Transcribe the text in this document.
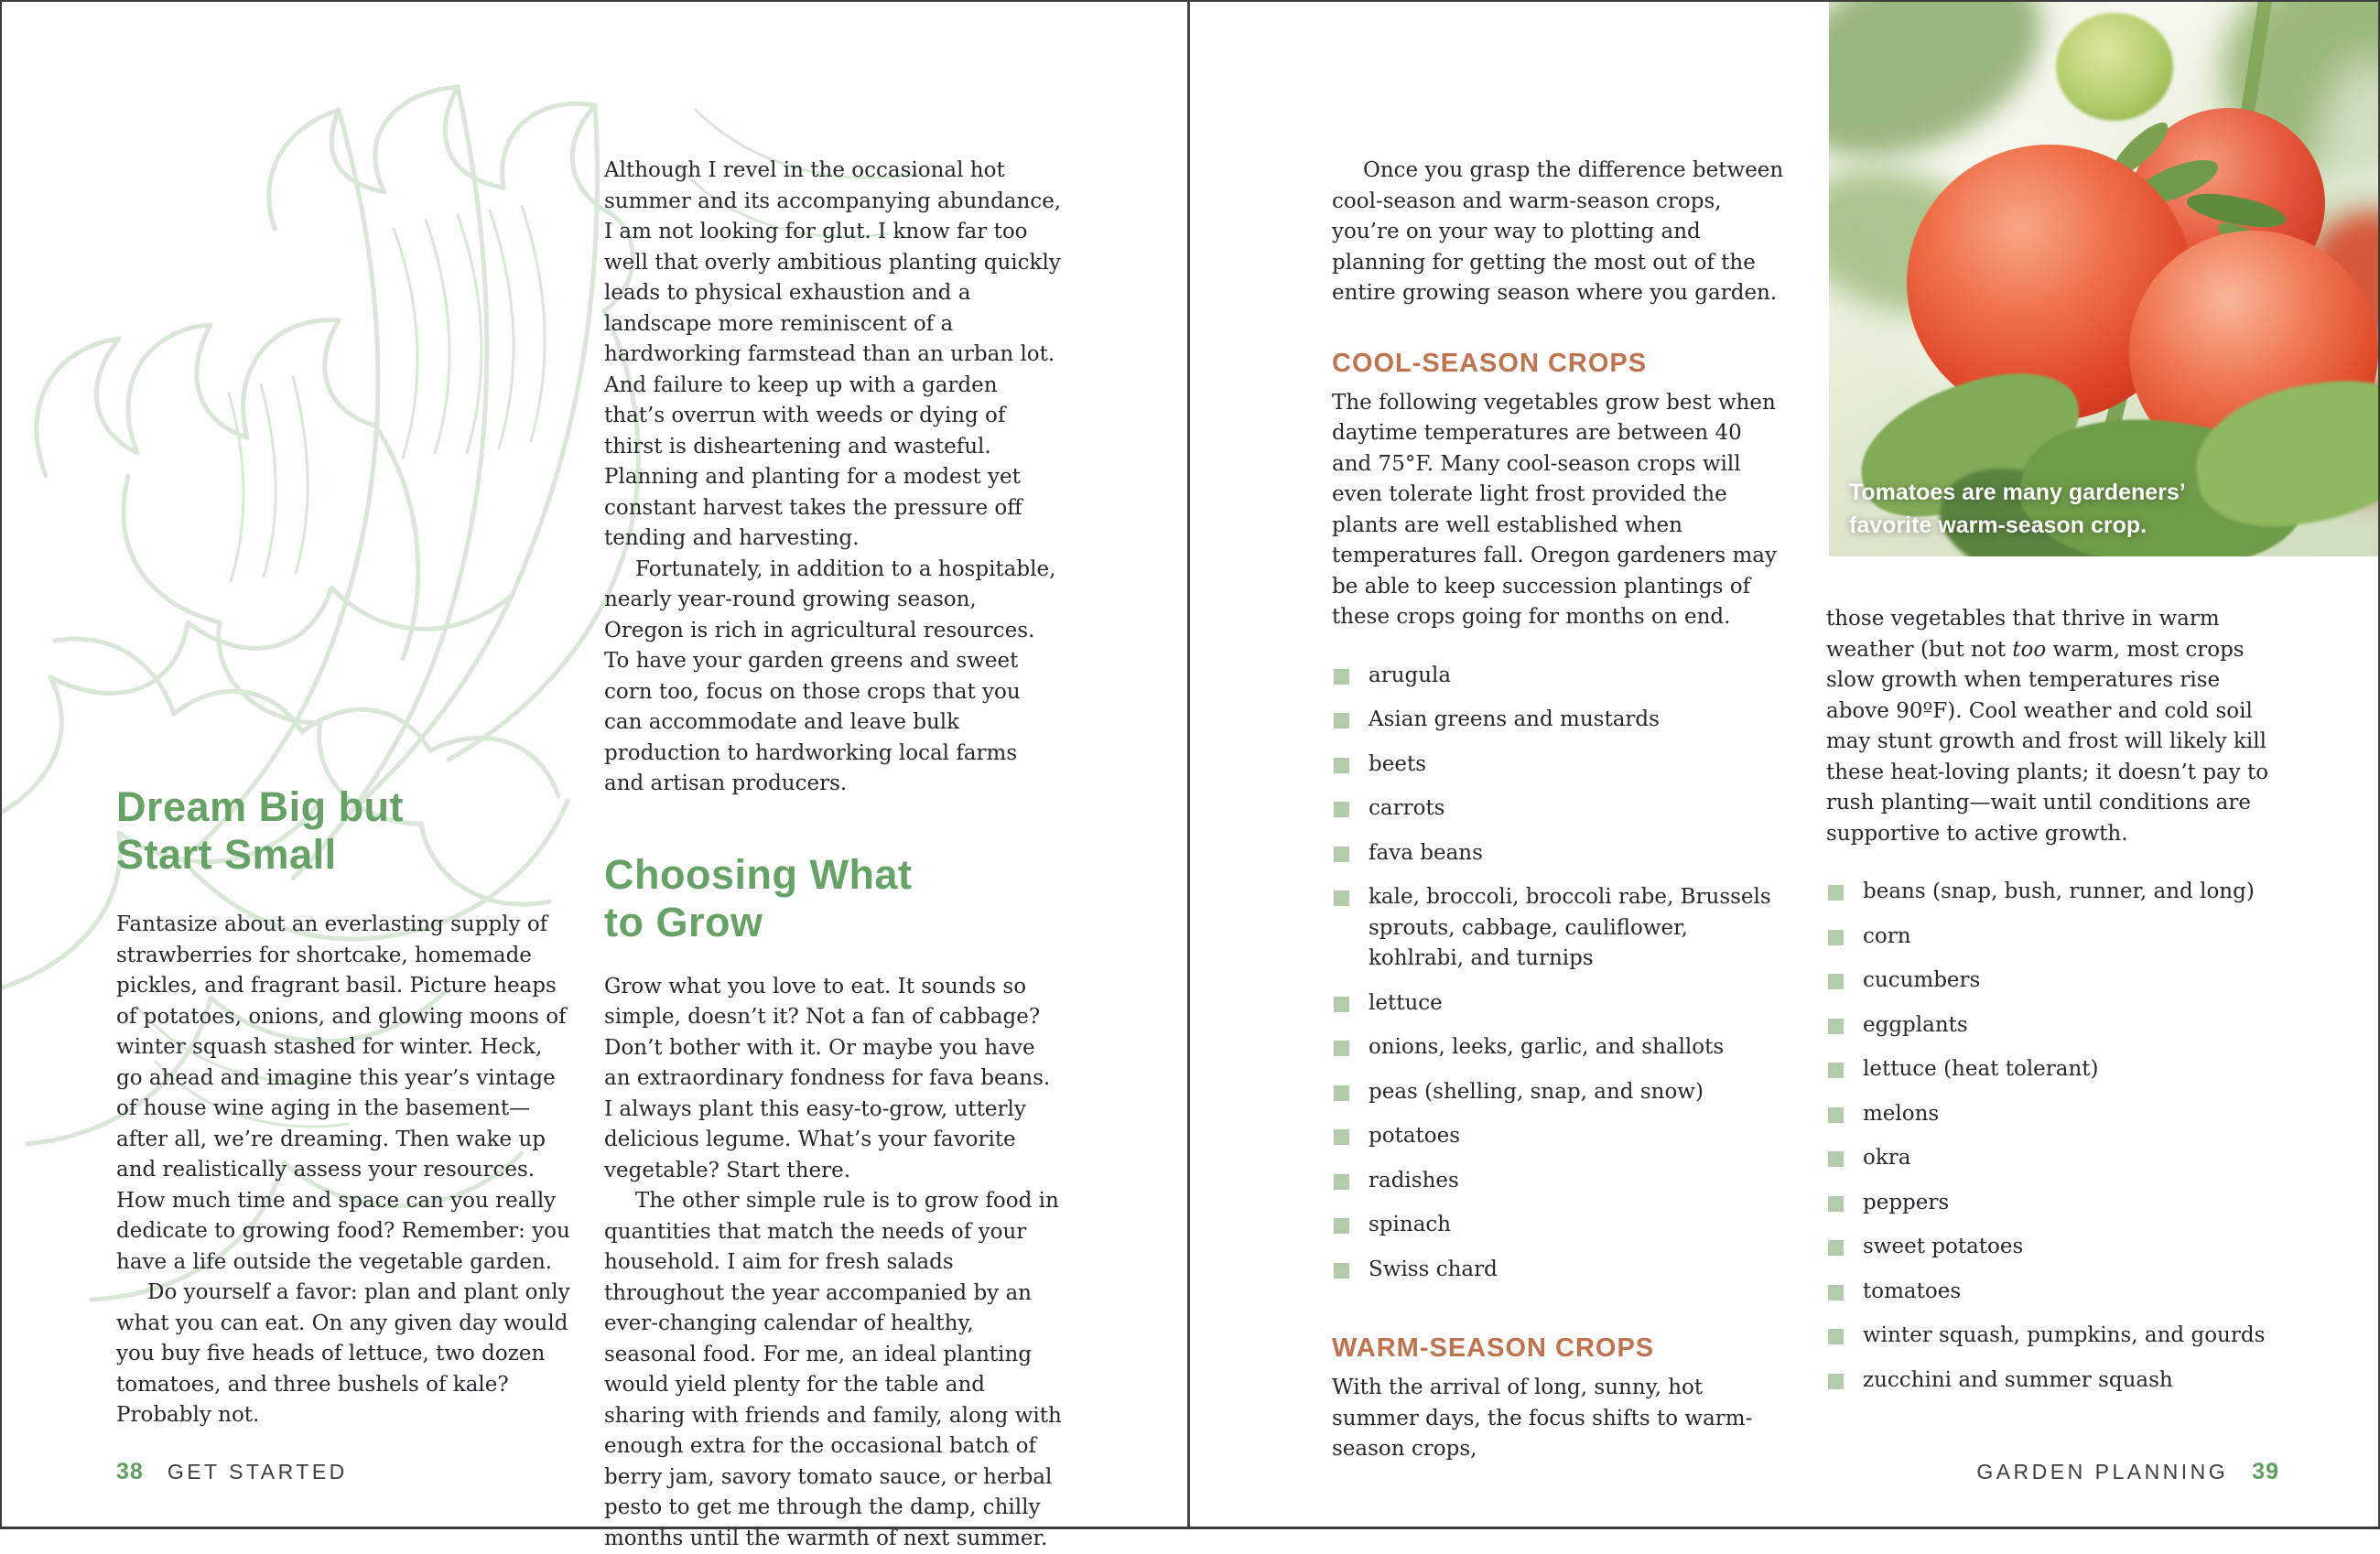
Dream Big but
Start Small

Fantasize about an everlasting supply of strawberries for shortcake, homemade pickles, and fragrant basil. Picture heaps of potatoes, onions, and glowing moons of winter squash stashed for winter. Heck, go ahead and imagine this year’s vintage of house wine aging in the basement—after all, we’re dreaming. Then wake up and realistically assess your resources. How much time and space can you really dedicate to growing food? Remember: you have a life outside the vegetable garden.

Do yourself a favor: plan and plant only what you can eat. On any given day would you buy five heads of lettuce, two dozen tomatoes, and three bushels of kale? Probably not.

Although I revel in the occasional hot summer and its accompanying abundance, I am not looking for glut. I know far too well that overly ambitious planting quickly leads to physical exhaustion and a landscape more reminiscent of a hardworking farmstead than an urban lot. And failure to keep up with a garden that’s overrun with weeds or dying of thirst is disheartening and wasteful. Planning and planting for a modest yet constant harvest takes the pressure off tending and harvesting.

Fortunately, in addition to a hospitable, nearly year-round growing season, Oregon is rich in agricultural resources. To have your garden greens and sweet corn too, focus on those crops that you can accommodate and leave bulk production to hardworking local farms and artisan producers.

Choosing What
to Grow

Grow what you love to eat. It sounds so simple, doesn’t it? Not a fan of cabbage? Don’t bother with it. Or maybe you have an extraordinary fondness for fava beans. I always plant this easy-to-grow, utterly delicious legume. What’s your favorite vegetable? Start there.

The other simple rule is to grow food in quantities that match the needs of your household. I aim for fresh salads throughout the year accompanied by an ever-changing calendar of healthy, seasonal food. For me, an ideal planting would yield plenty for the table and sharing with friends and family, along with enough extra for the occasional batch of berry jam, savory tomato sauce, or herbal pesto to get me through the damp, chilly months until the warmth of next summer.

38 GET STARTED

Once you grasp the difference between cool-season and warm-season crops, you’re on your way to plotting and planning for getting the most out of the entire growing season where you garden.

COOL-SEASON CROPS

The following vegetables grow best when daytime temperatures are between 40 and 75°F. Many cool-season crops will even tolerate light frost provided the plants are well established when temperatures fall. Oregon gardeners may be able to keep succession plantings of these crops going for months on end.

arugula
Asian greens and mustards
beets
carrots
fava beans
kale, broccoli, broccoli rabe, Brussels sprouts, cabbage, cauliflower, kohlrabi, and turnips
lettuce
onions, leeks, garlic, and shallots
peas (shelling, snap, and snow)
potatoes
radishes
spinach
Swiss chard
WARM-SEASON CROPS

With the arrival of long, sunny, hot summer days, the focus shifts to warm-season crops,

those vegetables that thrive in warm weather (but not too warm, most crops slow growth when temperatures rise above 90ºF). Cool weather and cold soil may stunt growth and frost will likely kill these heat-loving plants; it doesn’t pay to rush planting—wait until conditions are supportive to active growth.

beans (snap, bush, runner, and long)
corn
cucumbers
eggplants
lettuce (heat tolerant)
melons
okra
peppers
sweet potatoes
tomatoes
winter squash, pumpkins, and gourds
zucchini and summer squash
Tomatoes are many gardeners’
favorite warm-season crop.
GARDEN PLANNING 39
